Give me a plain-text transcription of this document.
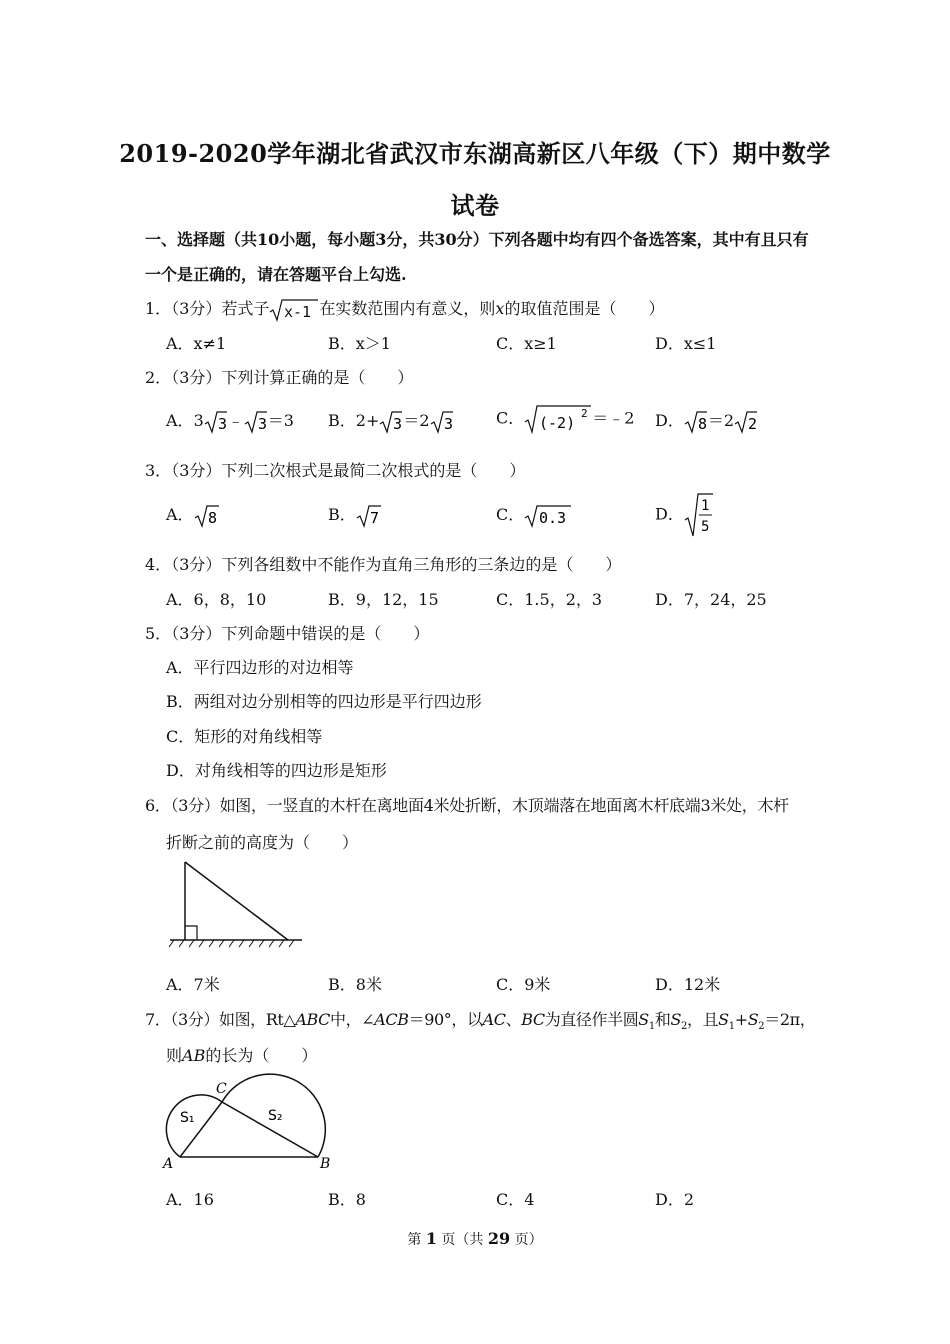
2019-2020学年湖北省武汉市东湖高新区八年级（下）期中数学
试卷
一、选择题（共10小题，每小题3分，共30分）下列各题中均有四个备选答案，其中有且只有
一个是正确的，请在答题平台上勾选.
1．（3分）若式子 x-1 在实数范围内有意义，则x的取值范围是（　　）
A．x≠1	B．x＞1	C．x≥1	D．x≤1
2．（3分）下列计算正确的是（　　）
A．3 3 ﹣ 3 ＝3 B．2+ 3 ＝2 3	C． (-2)
2 ＝﹣2 D． 8 ＝2 2
3．（3分）下列二次根式是最简二次根式的是（　　）
A． 8	B． 7	C． 0.3	D． 1
5
4．（3分）下列各组数中不能作为直角三角形的三条边的是（　　）
A．6，8，10	B．9，12，15	C．1.5，2，3	D．7，24，25
5．（3分）下列命题中错误的是（　　）
A．平行四边形的对边相等
B．两组对边分别相等的四边形是平行四边形
C．矩形的对角线相等
D．对角线相等的四边形是矩形
6．（3分）如图，一竖直的木杆在离地面4米处折断，木顶端落在地面离木杆底端3米处，木杆
折断之前的高度为（　　）
A．7米	B．8米	C．9米	D．12米
7．（3分）如图，Rt△ABC中，∠ACB＝90°，以AC、BC为直径作半圆$S_1$和$S_2$，且$S_1+S_2=2\pi$，
则AB的长为（　　）
A	B
C
S₁	S₂
A．16	B．8	C．4	D．2
第 1 页（共 29 页）
